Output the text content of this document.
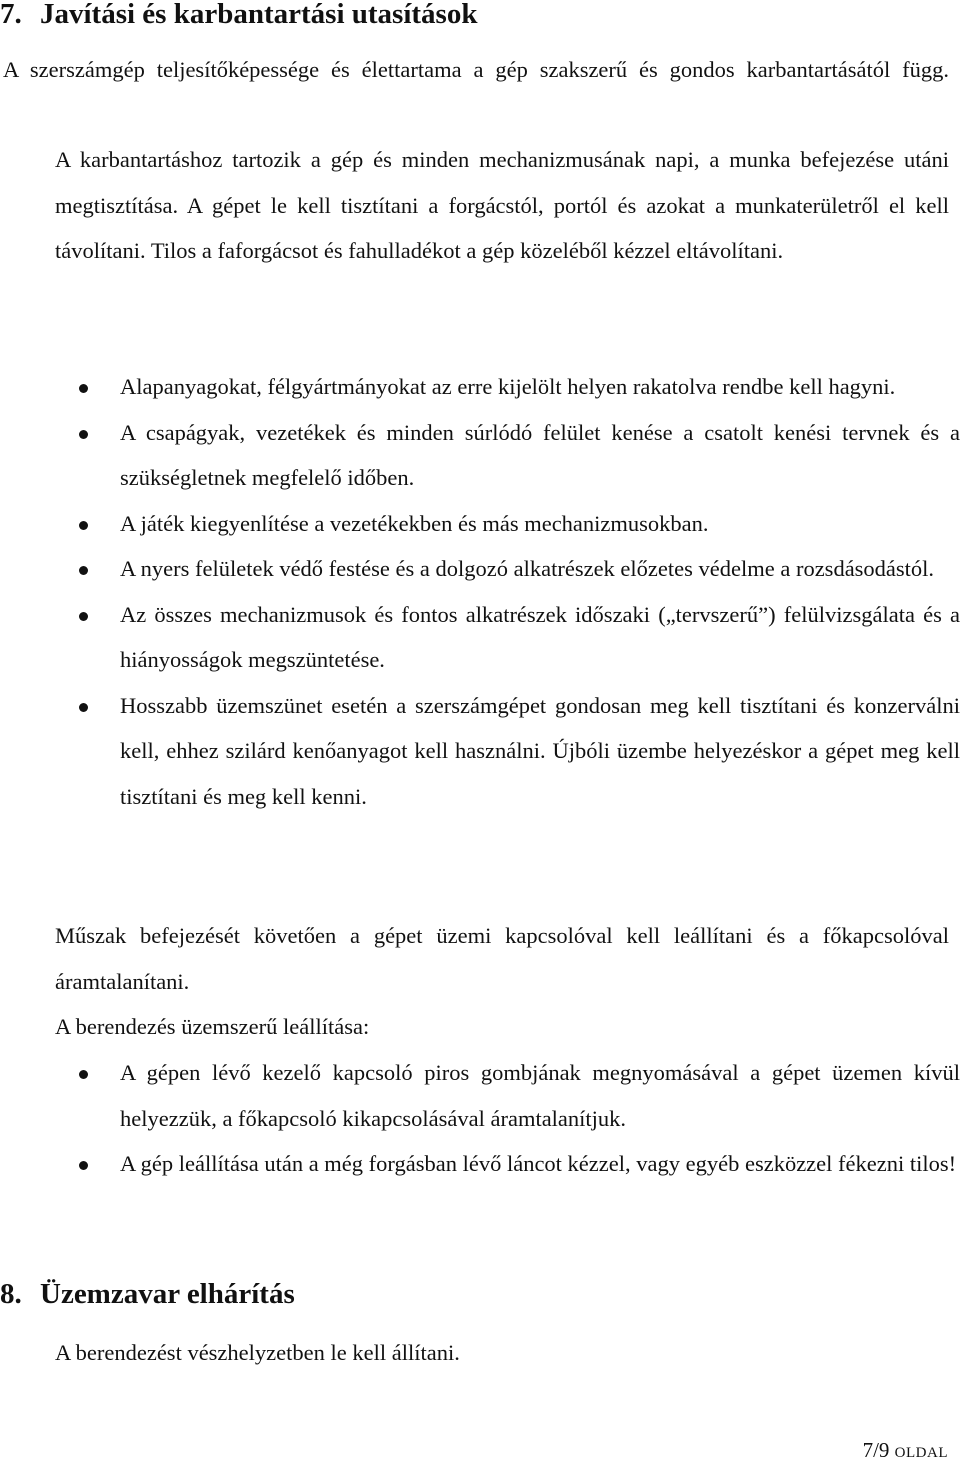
7. Javítási és karbantartási utasítások

A szerszámgép teljesítőképessége és élettartama a gép szakszerű és gondos karbantartásától függ.

A karbantartáshoz tartozik a gép és minden mechanizmusának napi, a munka befejezése utáni megtisztítása. A gépet le kell tisztítani a forgácstól, portól és azokat a munkaterületről el kell távolítani. Tilos a faforgácsot és fahulladékot a gép közeléből kézzel eltávolítani.

Alapanyagokat, félgyártmányokat az erre kijelölt helyen rakatolva rendbe kell hagyni.
A csapágyak, vezetékek és minden súrlódó felület kenése a csatolt kenési tervnek és a szükségletnek megfelelő időben.
A játék kiegyenlítése a vezetékekben és más mechanizmusokban.
A nyers felületek védő festése és a dolgozó alkatrészek előzetes védelme a rozsdásodástól.
Az összes mechanizmusok és fontos alkatrészek időszaki („tervszerű”) felülvizsgálata és a hiányosságok megszüntetése.
Hosszabb üzemszünet esetén a szerszámgépet gondosan meg kell tisztítani és konzerválni kell, ehhez szilárd kenőanyagot kell használni. Újbóli üzembe helyezéskor a gépet meg kell tisztítani és meg kell kenni.

Műszak befejezését követően a gépet üzemi kapcsolóval kell leállítani és a főkapcsolóval áramtalanítani.

A berendezés üzemszerű leállítása:

A gépen lévő kezelő kapcsoló piros gombjának megnyomásával a gépet üzemen kívül helyezzük, a főkapcsoló kikapcsolásával áramtalanítjuk.
A gép leállítása után a még forgásban lévő láncot kézzel, vagy egyéb eszközzel fékezni tilos!
8. Üzemzavar elhárítás

A berendezést vészhelyzetben le kell állítani.

7/9 OLDAL
